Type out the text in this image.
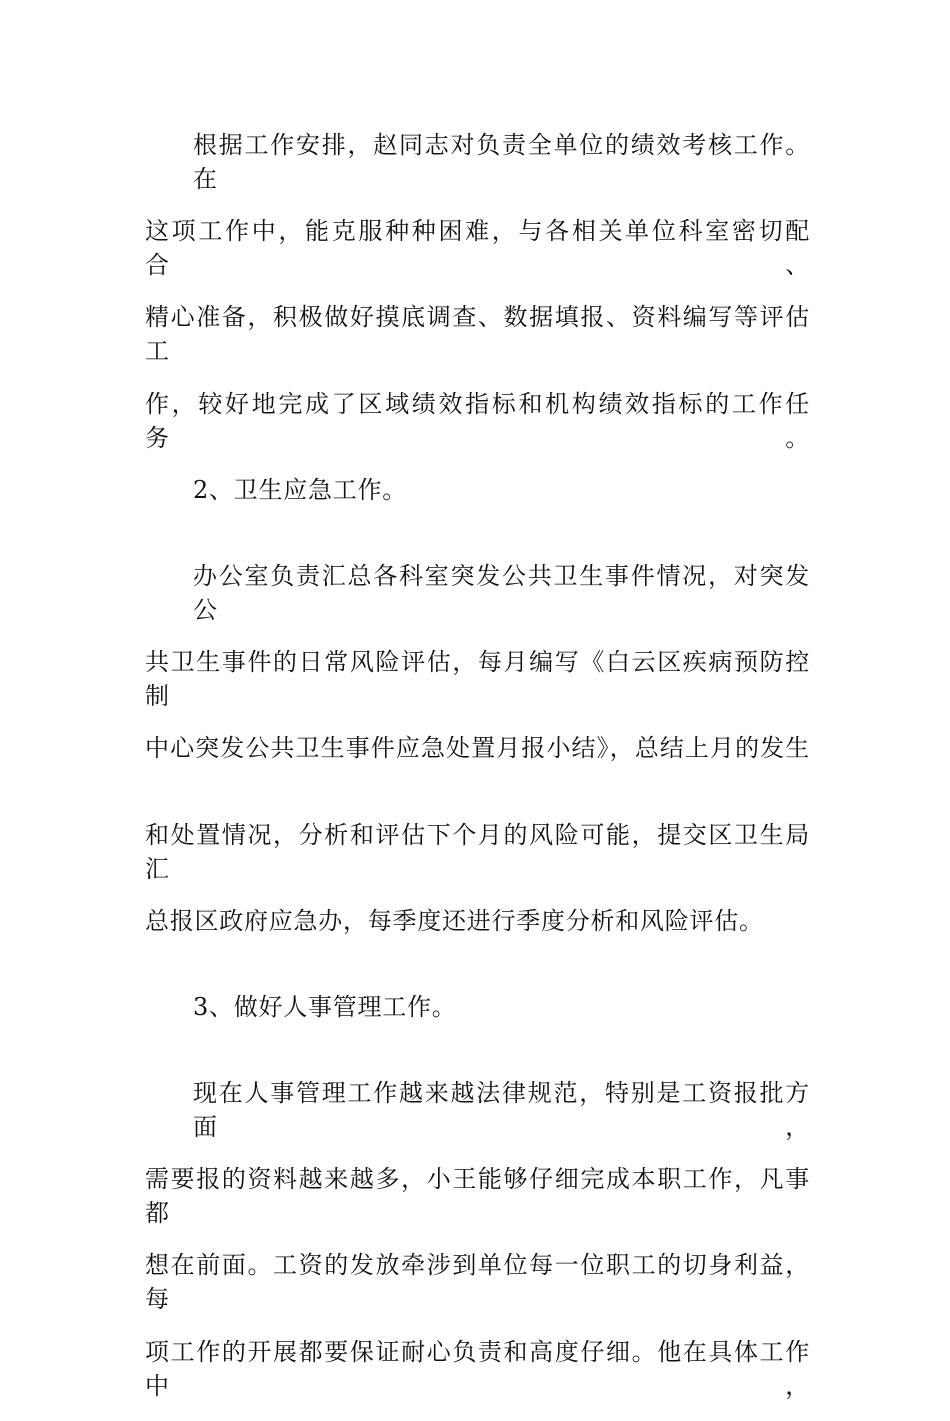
根据工作安排，赵同志对负责全单位的绩效考核工作。在
这项工作中，能克服种种困难，与各相关单位科室密切配合、
精心准备，积极做好摸底调查、数据填报、资料编写等评估工
作，较好地完成了区域绩效指标和机构绩效指标的工作任务。
2、卫生应急工作。
办公室负责汇总各科室突发公共卫生事件情况，对突发公
共卫生事件的日常风险评估，每月编写《白云区疾病预防控制
中心突发公共卫生事件应急处置月报小结》，总结上月的发生
和处置情况，分析和评估下个月的风险可能，提交区卫生局汇
总报区政府应急办，每季度还进行季度分析和风险评估。
3、做好人事管理工作。
现在人事管理工作越来越法律规范，特别是工资报批方面，
需要报的资料越来越多，小王能够仔细完成本职工作，凡事都
想在前面。工资的发放牵涉到单位每一位职工的切身利益，每
项工作的开展都要保证耐心负责和高度仔细。他在具体工作中，
